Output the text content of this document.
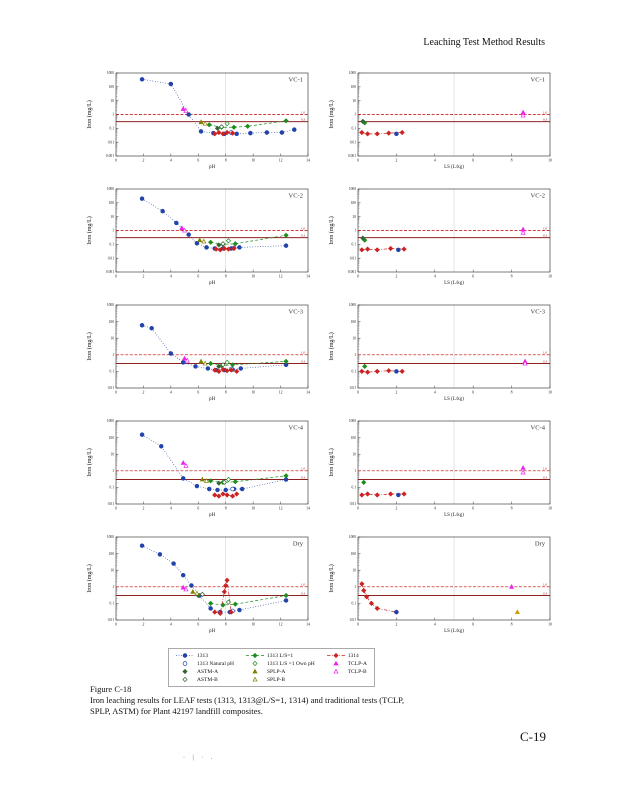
Leaching Test Method Results
0.001
0.01
0.1
1
10
100
1000
0	2	4	6	8	10	12	14
1.0
0.3
VC-1
pH
Iron (mg/L)
0.001
0.01
0.1
1
10
100
1000
0	2	4	6	8	10
1.0
0.3
VC-1
LS (L/kg)
Iron (mg/L)
0.001
0.01
0.1
1
10
100
1000
0	2	4	6	8	10	12	14
1.0
0.3
VC-2
pH
Iron (mg/L)
0.001
0.01
0.1
1
10
100
1000
0	2	4	6	8	10
1.0
0.3
VC-2
LS (L/kg)
Iron (mg/L)
0.01
0.1
1
10
100
1000
0	2	4	6	8	10	12	14
1.0
0.3
VC-3
pH
Iron (mg/L)
0.01
0.1
1
10
100
1000
0	2	4	6	8	10
1.0
0.3
VC-3
LS (L/kg)
Iron (mg/L)
0.01
0.1
1
10
100
1000
0	2	4	6	8	10	12	14
1.0
0.3
VC-4
pH
Iron (mg/L)
0.01
0.1
1
10
100
1000
0	2	4	6	8	10
1.0
0.3
VC-4
LS (L/kg)
Iron (mg/L)
0.01
0.1
1
10
100
1000
0	2	4	6	8	10	12	14
1.0
0.3
Dry
pH
Iron (mg/L)
0.01
0.1
1
10
100
1000
0	2	4	6	8	10
1.0
0.3
Dry
LS (L/kg)
Iron (mg/L)
1313
1313 Natural pH
ASTM-A
ASTM-B
1313 L/S=1
1313 L/S =1 Own pH
SPLP-A
SPLP-B
1314
TCLP-A
TCLP-B
Figure C-18
Iron leaching results for LEAF tests (1313, 1313@L/S=1, 1314) and traditional tests (TCLP,
SPLP, ASTM) for Plant 42197 landfill composites.
C-19
· | · .
